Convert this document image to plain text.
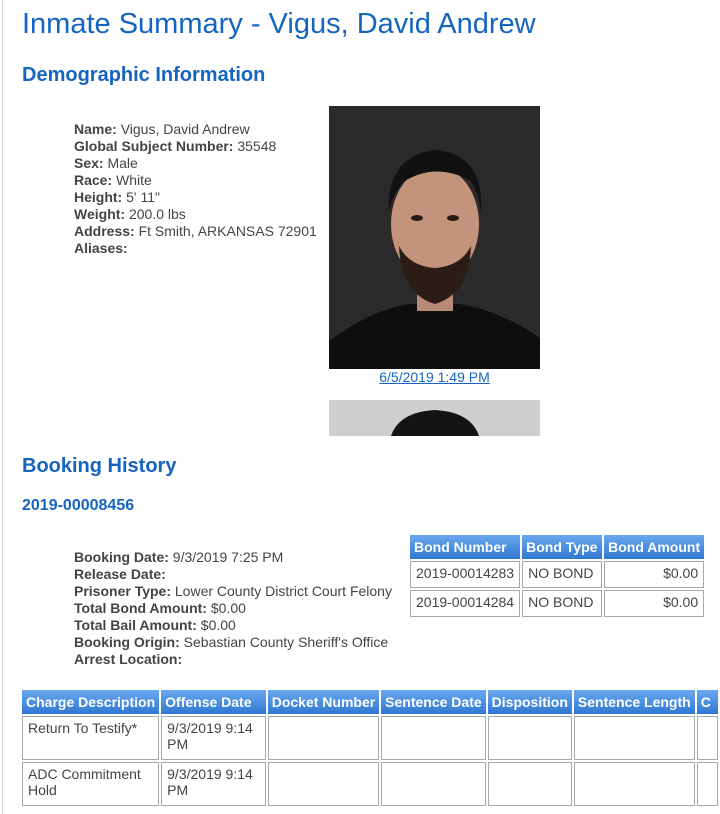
Inmate Summary - Vigus, David Andrew
Demographic Information
Name: Vigus, David Andrew
Global Subject Number: 35548
Sex: Male
Race: White
Height: 5' 11"
Weight: 200.0 lbs
Address: Ft Smith, ARKANSAS 72901
Aliases:
6/5/2019 1:49 PM
Booking History
2019-00008456
Booking Date: 9/3/2019 7:25 PM
Release Date:
Prisoner Type: Lower County District Court Felony
Total Bond Amount: $0.00
Total Bail Amount: $0.00
Booking Origin: Sebastian County Sheriff's Office
Arrest Location:
Bond Number	Bond Type	Bond Amount
2019-00014283	NO BOND	$0.00
2019-00014284	NO BOND	$0.00
Charge Description	Offense Date	Docket Number	Sentence Date	Disposition	Sentence Length	C
Return To Testify*	9/3/2019 9:14 PM					
ADC Commitment Hold	9/3/2019 9:14 PM					
